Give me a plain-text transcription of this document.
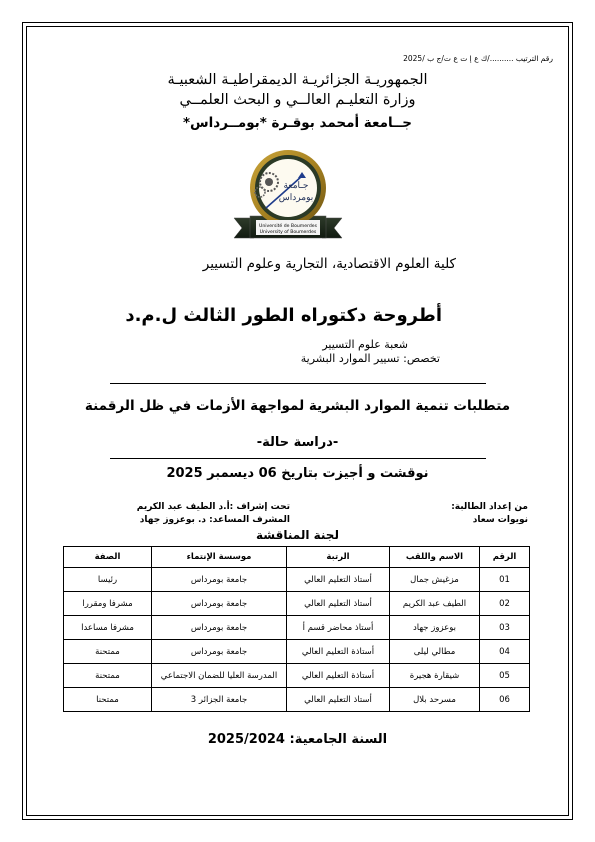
رقم الترتيب ........../ك ع إ ت ع ت/ج ب /2025
الجمهوريـة الجزائريـة الديمقراطيـة الشعبيـة
وزارة التعليـم العالــي و البحث العلمــي
جــامعة أمحمد بوقـرة *بومــرداس*
جـامعة
بومرداس
Université de Boumerdes
University of Boumerdes
كلية العلوم الاقتصادية، التجارية وعلوم التسيير
أطروحة دكتوراه الطور الثالث ل.م.د
شعبة علوم التسيير
تخصص: تسيير الموارد البشرية
متطلبات تنمية الموارد البشرية لمواجهة الأزمات في ظل الرقمنة
-دراسة حالة-
نوقشت و أجيزت بتاريخ 06 ديسمبر 2025
من إعداد الطالبة:
نويوات سعاد
تحت إشراف :أ.د الطيف عبد الكريم
المشرف المساعد: د. بوعزوز جهاد
لجنة المناقشة
الرقم	الاسم واللقب	الرتبة	موسسة الإنتماء	الصفة
01	مزغيش جمال	أستاذ التعليم العالي	جامعة بومرداس	رئيسا
02	الطيف عبد الكريم	أستاذ التعليم العالي	جامعة بومرداس	مشرفا ومقررا
03	بوعزوز جهاد	أستاذ محاضر قسم أ	جامعة بومرداس	مشرفا مساعدا
04	مطالي ليلى	أستاذة التعليم العالي	جامعة بومرداس	ممتحنة
05	شيقارة هجيرة	أستاذة التعليم العالي	المدرسة العليا للضمان الاجتماعي	ممتحنة
06	مسرحد بلال	أستاذ التعليم العالي	جامعة الجزائر 3	ممتحنا
السنة الجامعية: 2025/2024
